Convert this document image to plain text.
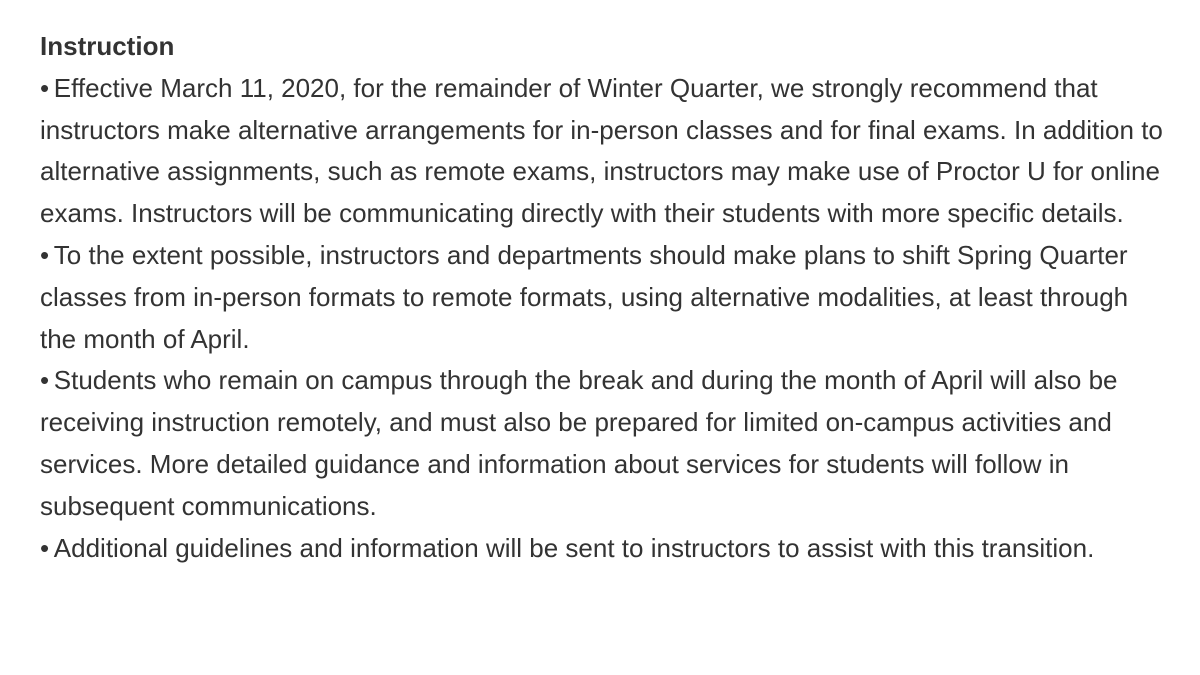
Instruction
• Effective March 11, 2020, for the remainder of Winter Quarter, we strongly recommend that instructors make alternative arrangements for in-person classes and for final exams. In addition to alternative assignments, such as remote exams, instructors may make use of Proctor U for online exams. Instructors will be communicating directly with their students with more specific details.
• To the extent possible, instructors and departments should make plans to shift Spring Quarter classes from in-person formats to remote formats, using alternative modalities, at least through the month of April.
• Students who remain on campus through the break and during the month of April will also be receiving instruction remotely, and must also be prepared for limited on-campus activities and services. More detailed guidance and information about services for students will follow in subsequent communications.
• Additional guidelines and information will be sent to instructors to assist with this transition.
